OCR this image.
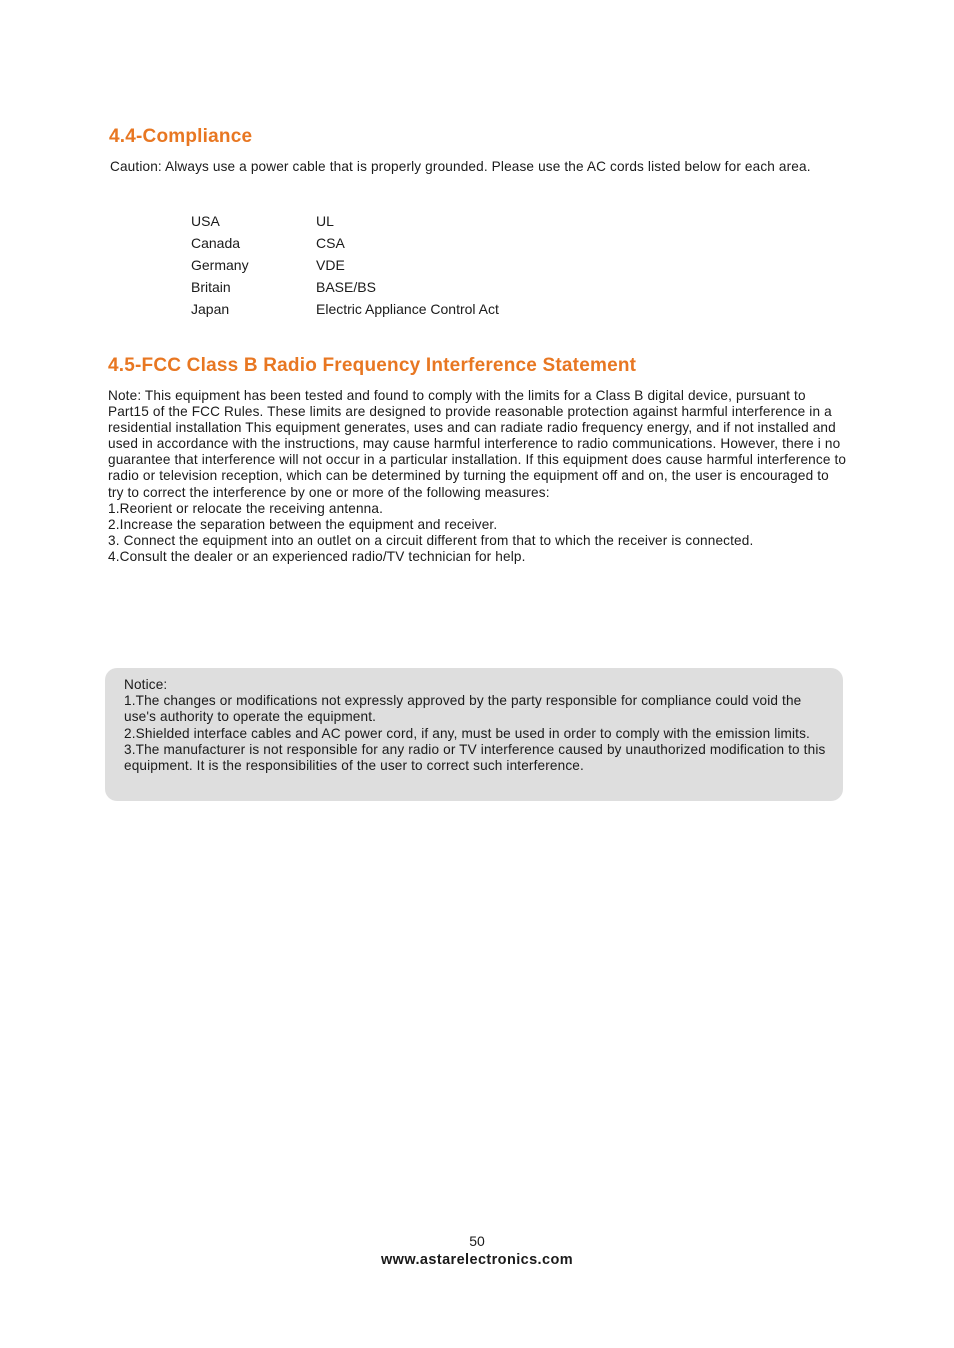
4.4-Compliance

Caution: Always use a power cable that is properly grounded. Please use the AC cords listed below for each area.

USA	UL
Canada	CSA
Germany	VDE
Britain	BASE/BS
Japan	Electric Appliance Control Act
4.5-FCC Class B Radio Frequency Interference Statement

Note: This equipment has been tested and found to comply with the limits for a Class B digital device, pursuant to Part15 of the FCC Rules. These limits are designed to provide reasonable protection against harmful interference in a residential installation This equipment generates, uses and can radiate radio frequency energy, and if not installed and used in accordance with the instructions, may cause harmful interference to radio communications. However, there i no guarantee that interference will not occur in a particular installation. If this equipment does cause harmful interference to radio or television reception, which can be determined by turning the equipment off and on, the user is encouraged to try to correct the interference by one or more of the following measures:

1.Reorient or relocate the receiving antenna.

2.Increase the separation between the equipment and receiver.

3. Connect the equipment into an outlet on a circuit different from that to which the receiver is connected.

4.Consult the dealer or an experienced radio/TV technician for help.

Notice:

1.The changes or modifications not expressly approved by the party responsible for compliance could void the use's authority to operate the equipment.

2.Shielded interface cables and AC power cord, if any, must be used in order to comply with the emission limits.

3.The manufacturer is not responsible for any radio or TV interference caused by unauthorized modification to this equipment. It is the responsibilities of the user to correct such interference.

50
www.astarelectronics.com
